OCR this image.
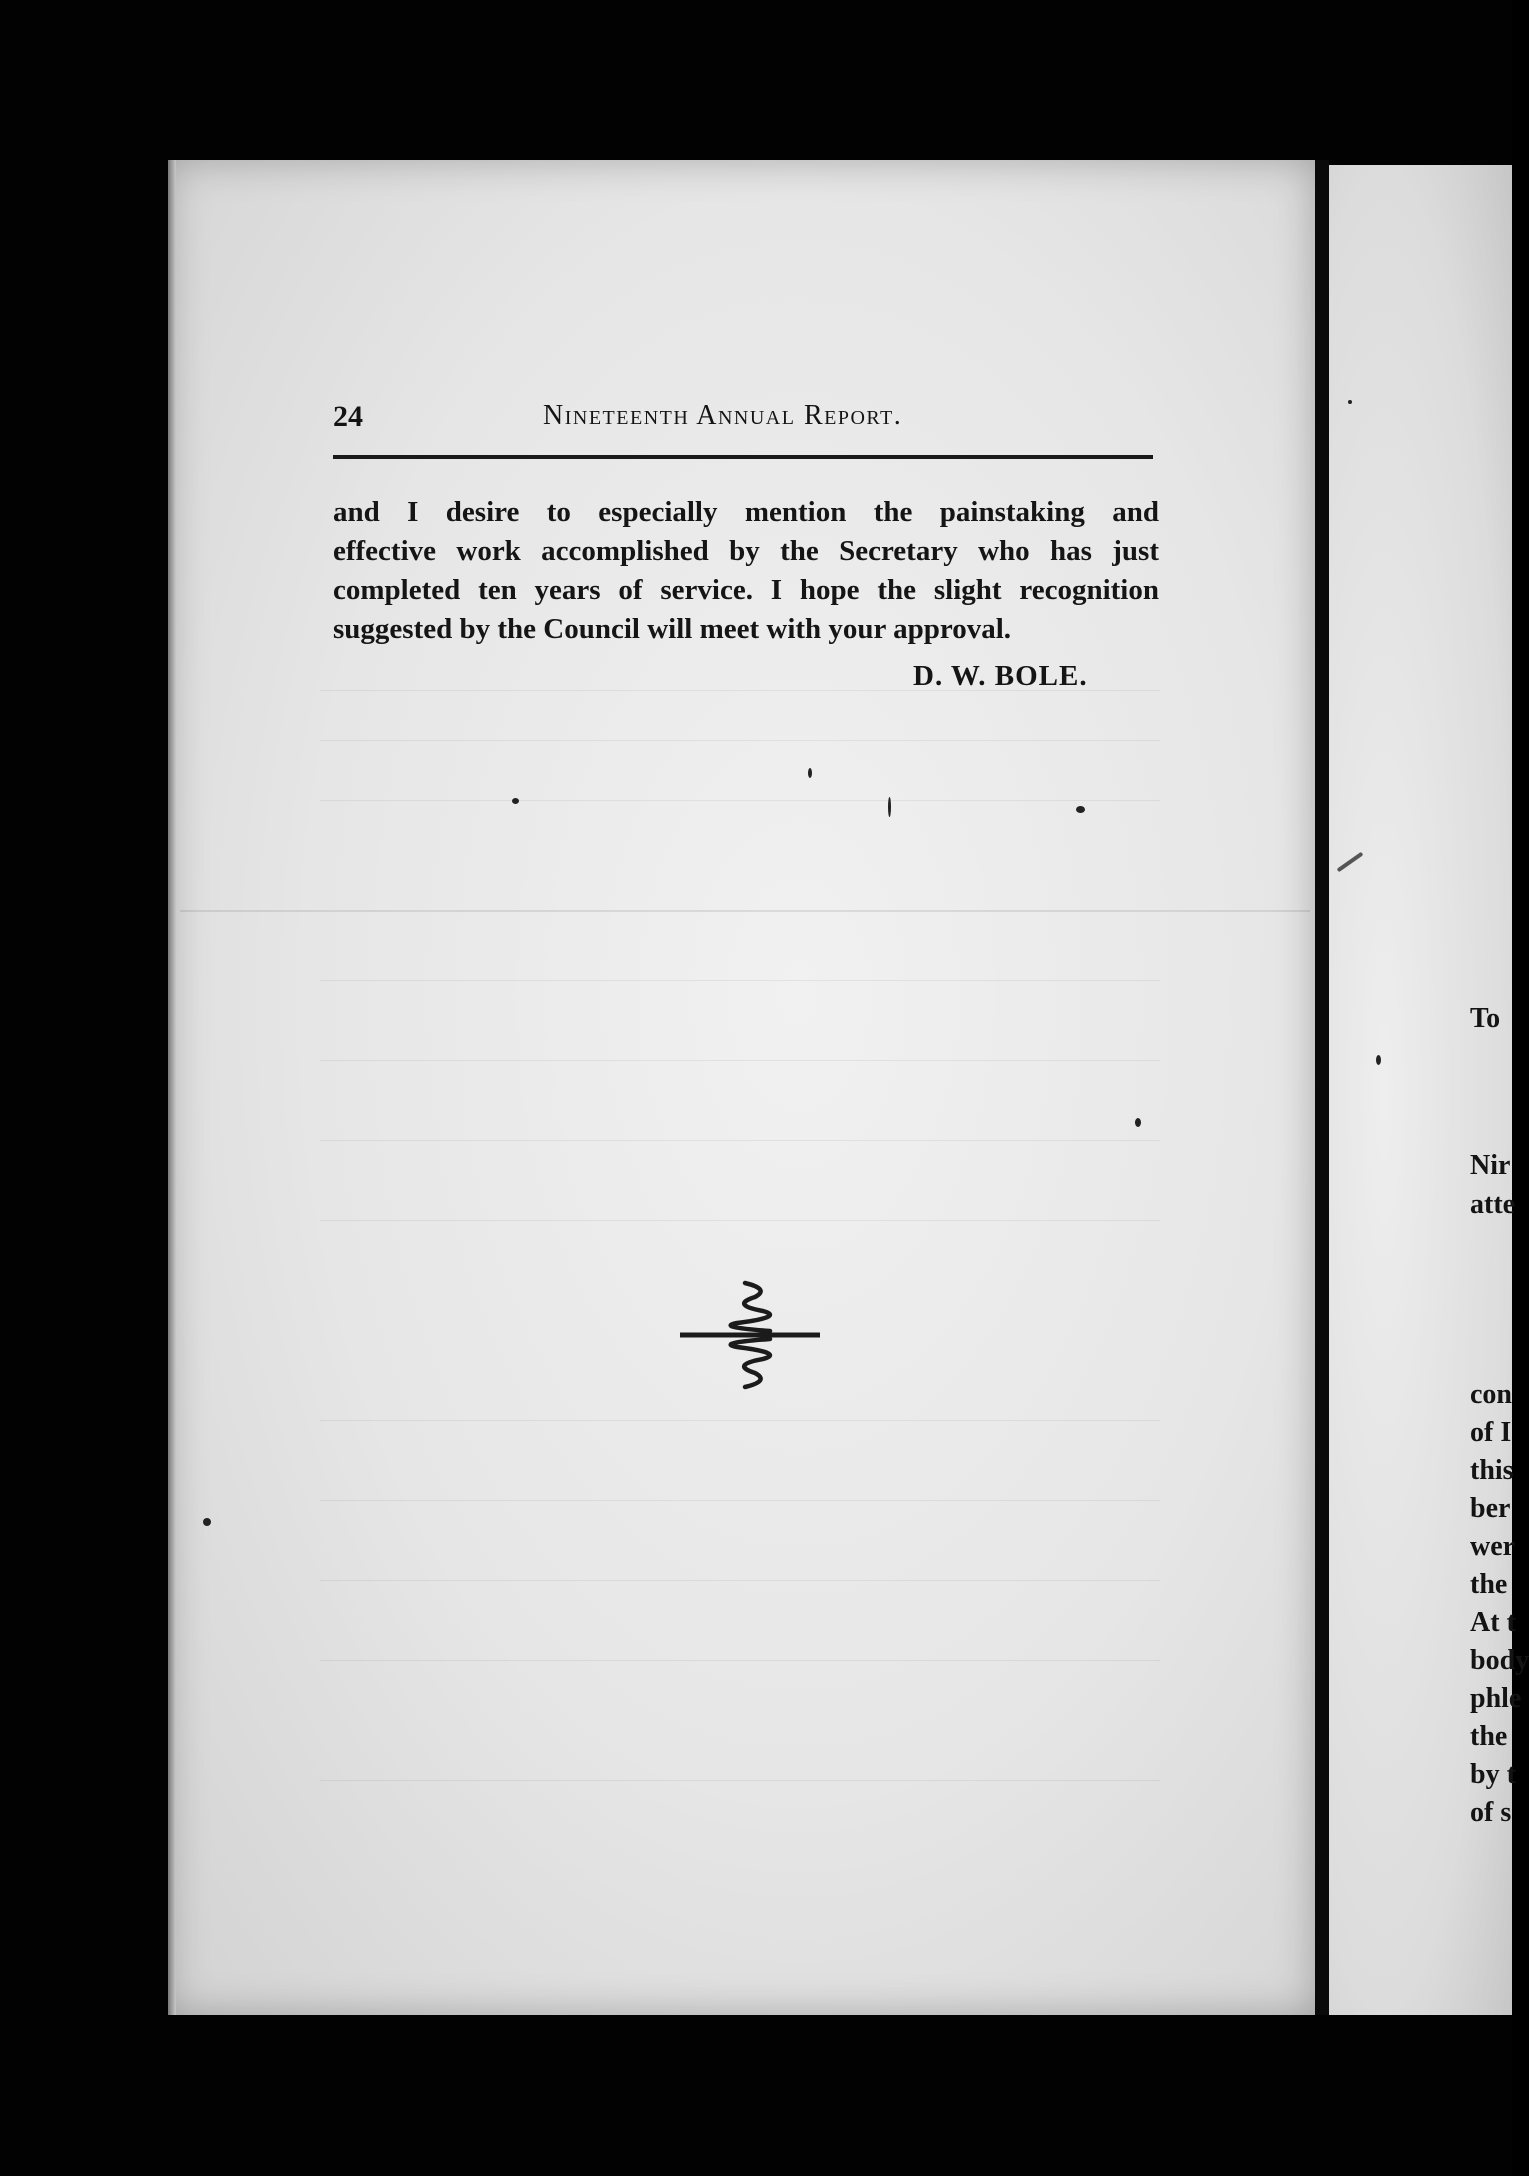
24	Nineteenth Annual Report.
and I desire to especially mention the painstaking and
effective work accomplished by the Secretary who has just
completed ten years of service. I hope the slight recognition
suggested by the Council will meet with your approval.
D. W. BOLE.
To
Nir
atte
con
of I
this
ber
wer
the
At t
body
phle
the
by t
of s
